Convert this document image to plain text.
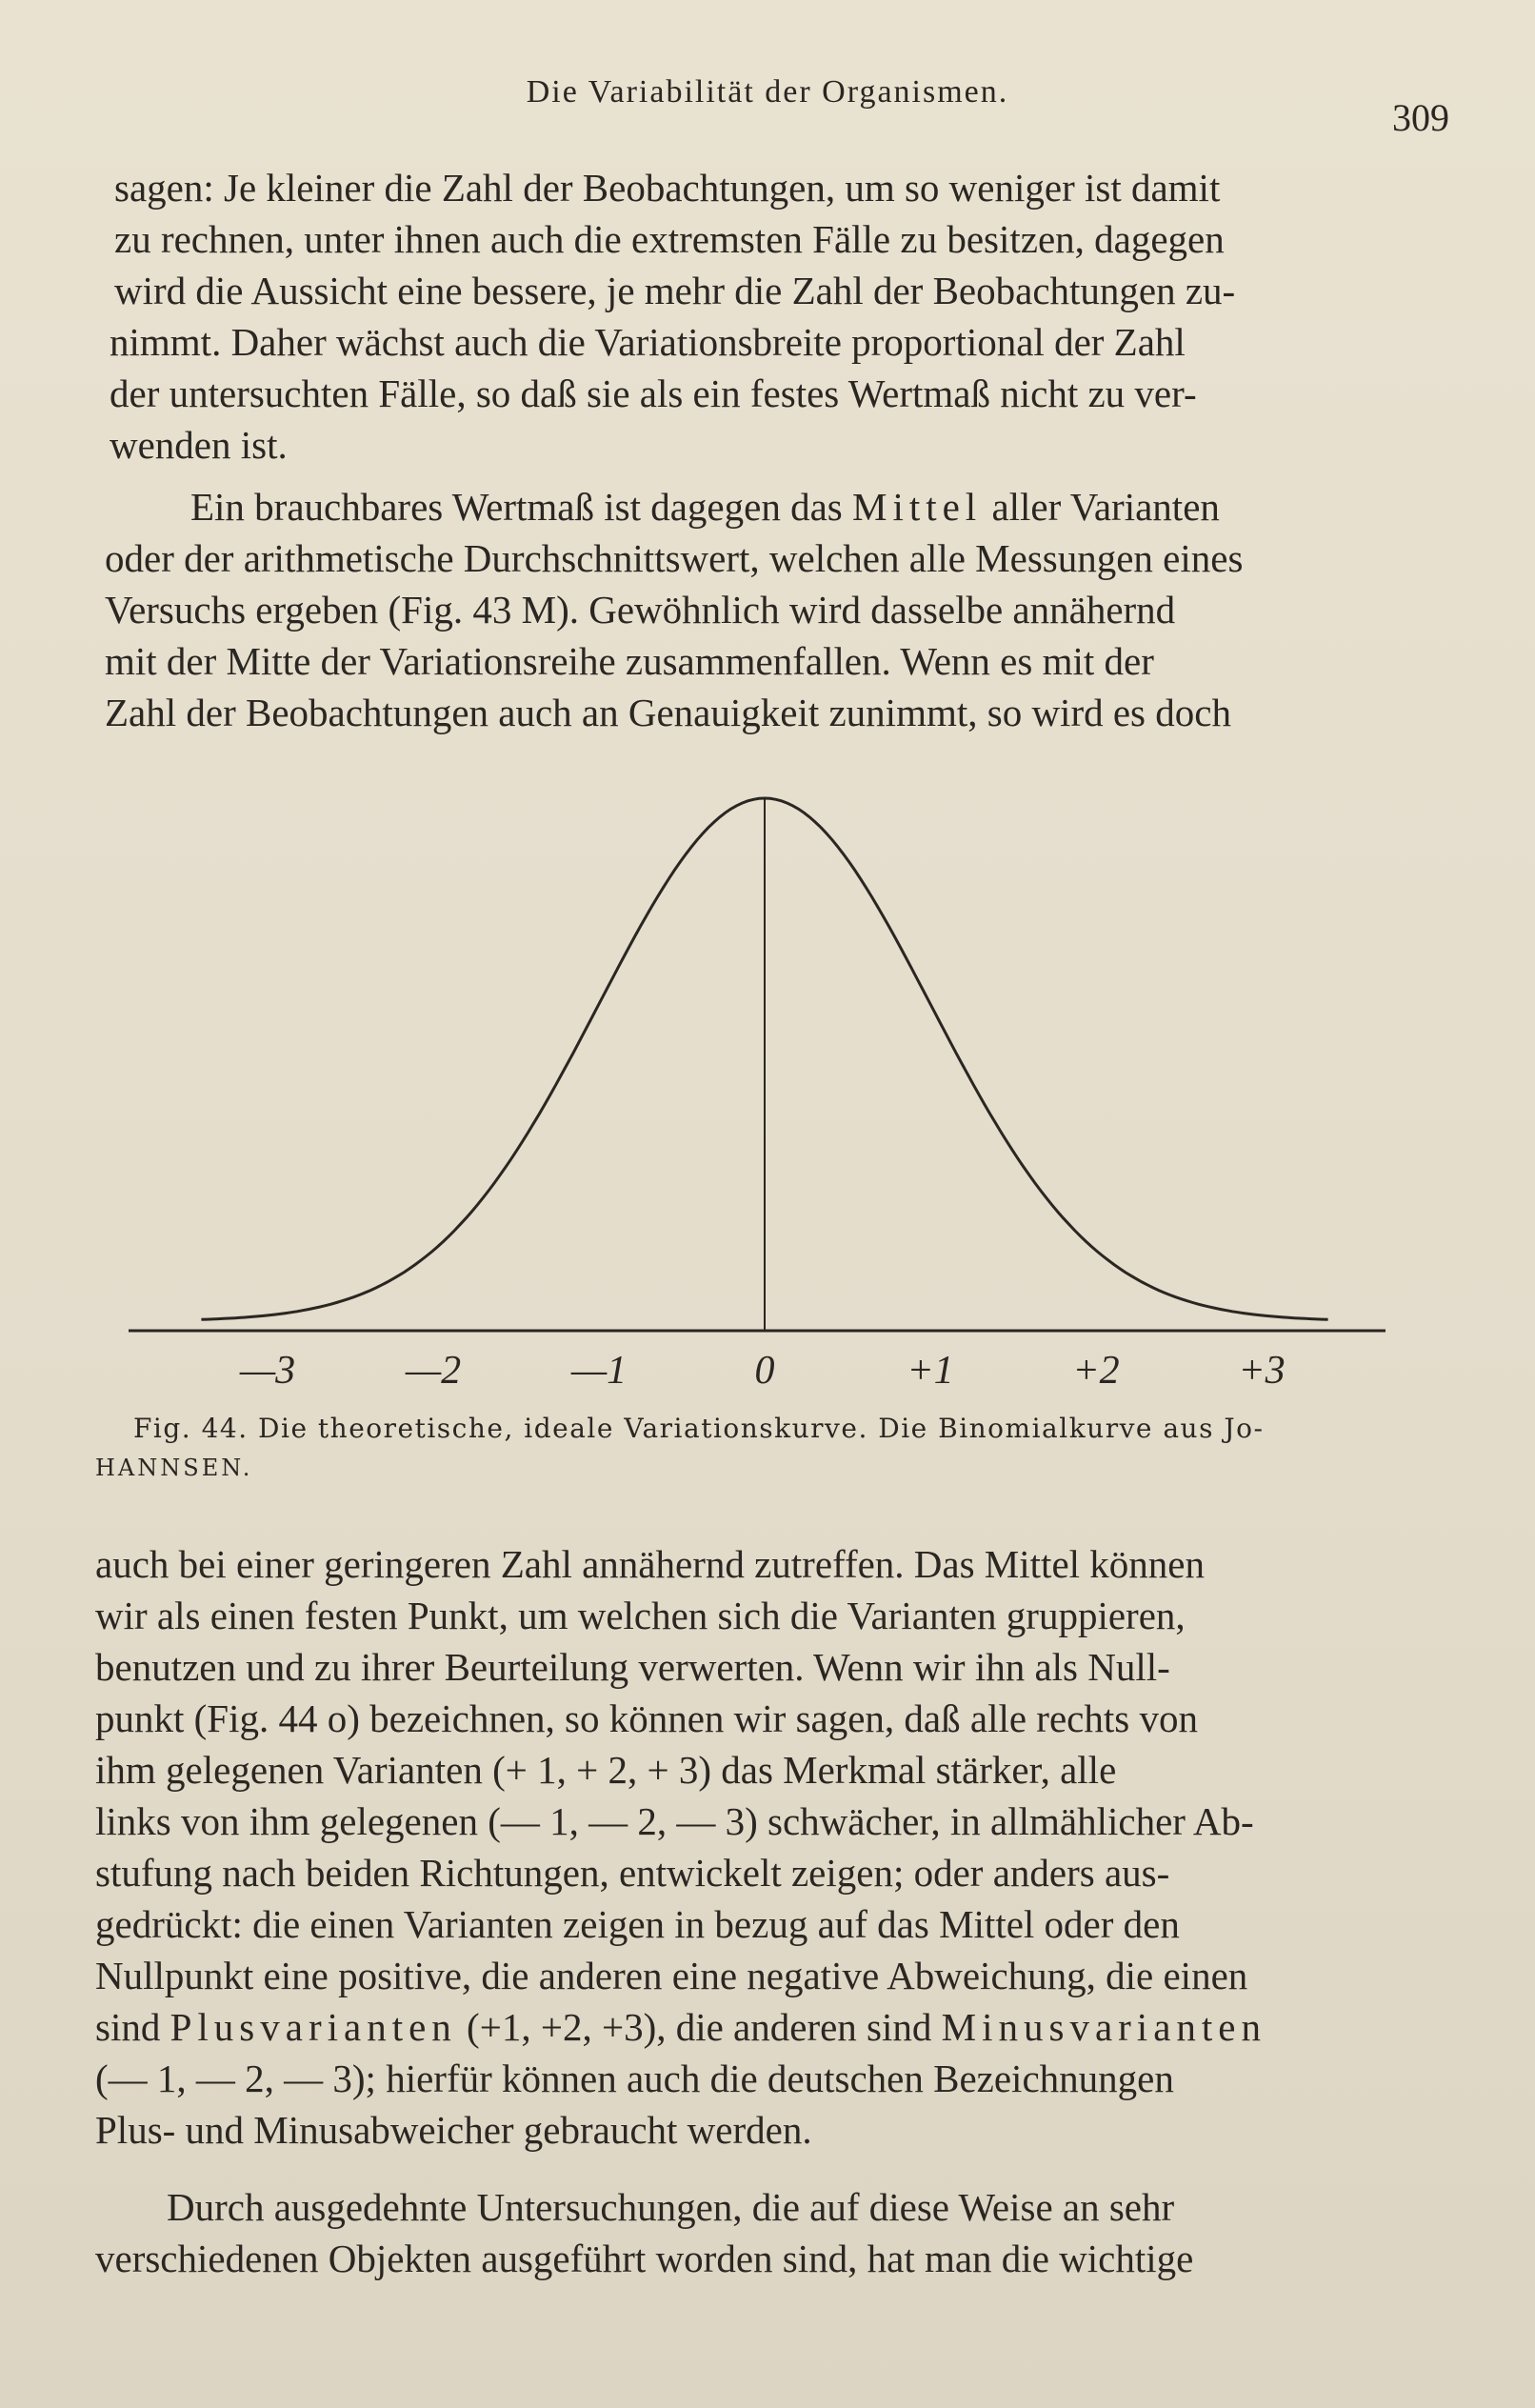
Die Variabilität der Organismen.
309

sagen: Je kleiner die Zahl der Beobachtungen, um so weniger ist damit
zu rechnen, unter ihnen auch die extremsten Fälle zu besitzen, dagegen
wird die Aussicht eine bessere, je mehr die Zahl der Beobachtungen zu-
nimmt. Daher wächst auch die Variationsbreite proportional der Zahl
der untersuchten Fälle, so daß sie als ein festes Wertmaß nicht zu ver-
wenden ist.

Ein brauchbares Wertmaß ist dagegen das Mittel aller Varianten
oder der arithmetische Durchschnittswert, welchen alle Messungen eines
Versuchs ergeben (Fig. 43 M). Gewöhnlich wird dasselbe annähernd
mit der Mitte der Variationsreihe zusammenfallen. Wenn es mit der
Zahl der Beobachtungen auch an Genauigkeit zunimmt, so wird es doch

—3	—2	—1	0	+1	+2	+3
Fig. 44. Die theoretische, ideale Variationskurve. Die Binomialkurve aus Jo-
HANNSEN.

auch bei einer geringeren Zahl annähernd zutreffen. Das Mittel können
wir als einen festen Punkt, um welchen sich die Varianten gruppieren,
benutzen und zu ihrer Beurteilung verwerten. Wenn wir ihn als Null-
punkt (Fig. 44 o) bezeichnen, so können wir sagen, daß alle rechts von
ihm gelegenen Varianten (+ 1, + 2, + 3) das Merkmal stärker, alle
links von ihm gelegenen (— 1, — 2, — 3) schwächer, in allmählicher Ab-
stufung nach beiden Richtungen, entwickelt zeigen; oder anders aus-
gedrückt: die einen Varianten zeigen in bezug auf das Mittel oder den
Nullpunkt eine positive, die anderen eine negative Abweichung, die einen
sind Plusvarianten (+1, +2, +3), die anderen sind Minusvarianten
(— 1, — 2, — 3); hierfür können auch die deutschen Bezeichnungen
Plus- und Minusabweicher gebraucht werden.

Durch ausgedehnte Untersuchungen, die auf diese Weise an sehr
verschiedenen Objekten ausgeführt worden sind, hat man die wichtige
